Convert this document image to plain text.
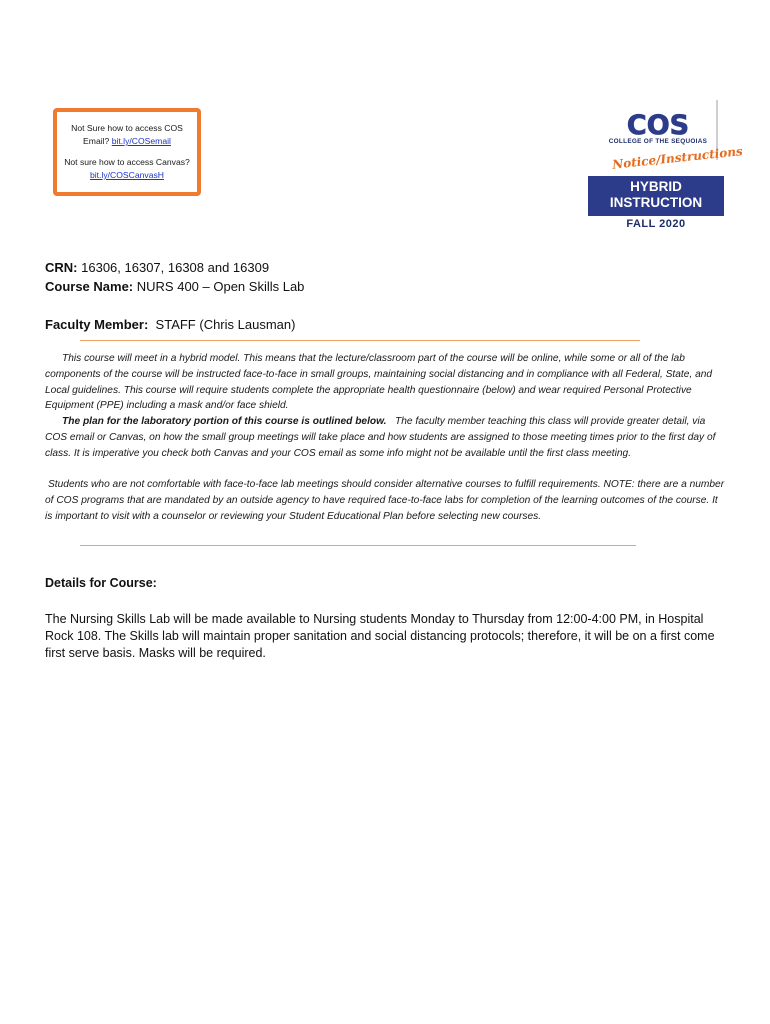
Not Sure how to access COS Email? bit.ly/COSemail
Not sure how to access Canvas? bit.ly/COSCanvasH
COS
COLLEGE OF THE SEQUOIAS
Notice/Instructions
HYBRID
INSTRUCTION
FALL 2020
CRN: 16306, 16307, 16308 and 16309
Course Name: NURS 400 – Open Skills Lab
Faculty Member: STAFF (Chris Lausman)
This course will meet in a hybrid model. This means that the lecture/classroom part of the course will be online, while some or all of the lab components of the course will be instructed face-to-face in small groups, maintaining social distancing and in compliance with all Federal, State, and Local guidelines. This course will require students complete the appropriate health questionnaire (below) and wear required Personal Protective Equipment (PPE) including a mask and/or face shield.
The plan for the laboratory portion of this course is outlined below. The faculty member teaching this class will provide greater detail, via COS email or Canvas, on how the small group meetings will take place and how students are assigned to those meeting times prior to the first day of class. It is imperative you check both Canvas and your COS email as some info might not be available until the first class meeting.
Students who are not comfortable with face-to-face lab meetings should consider alternative courses to fulfill requirements. NOTE: there are a number of COS programs that are mandated by an outside agency to have required face-to-face labs for completion of the learning outcomes of the course. It is important to visit with a counselor or reviewing your Student Educational Plan before selecting new courses.
Details for Course:
The Nursing Skills Lab will be made available to Nursing students Monday to Thursday from 12:00-4:00 PM, in Hospital Rock 108. The Skills lab will maintain proper sanitation and social distancing protocols; therefore, it will be on a first come first serve basis. Masks will be required.
